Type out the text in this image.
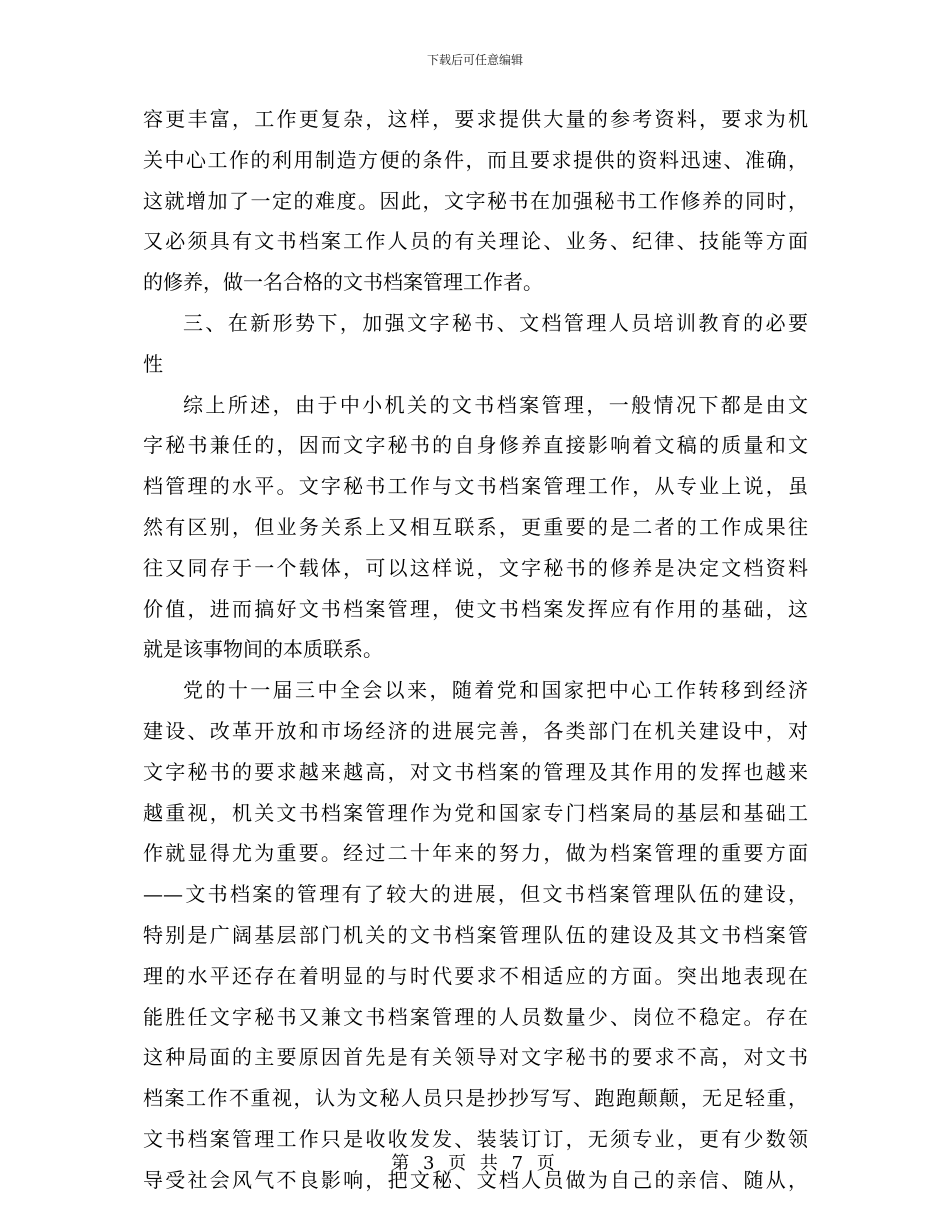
下载后可任意编辑
容更丰富，工作更复杂，这样，要求提供大量的参考资料，要求为机
关中心工作的利用制造方便的条件，而且要求提供的资料迅速、准确，
这就增加了一定的难度。因此，文字秘书在加强秘书工作修养的同时，
又必须具有文书档案工作人员的有关理论、业务、纪律、技能等方面
的修养，做一名合格的文书档案管理工作者。
三、在新形势下，加强文字秘书、文档管理人员培训教育的必要
性
综上所述，由于中小机关的文书档案管理，一般情况下都是由文
字秘书兼任的，因而文字秘书的自身修养直接影响着文稿的质量和文
档管理的水平。文字秘书工作与文书档案管理工作，从专业上说，虽
然有区别，但业务关系上又相互联系，更重要的是二者的工作成果往
往又同存于一个载体，可以这样说，文字秘书的修养是决定文档资料
价值，进而搞好文书档案管理，使文书档案发挥应有作用的基础，这
就是该事物间的本质联系。
党的十一届三中全会以来，随着党和国家把中心工作转移到经济
建设、改革开放和市场经济的进展完善，各类部门在机关建设中，对
文字秘书的要求越来越高，对文书档案的管理及其作用的发挥也越来
越重视，机关文书档案管理作为党和国家专门档案局的基层和基础工
作就显得尤为重要。经过二十年来的努力，做为档案管理的重要方面
——文书档案的管理有了较大的进展，但文书档案管理队伍的建设，
特别是广阔基层部门机关的文书档案管理队伍的建设及其文书档案管
理的水平还存在着明显的与时代要求不相适应的方面。突出地表现在
能胜任文字秘书又兼文书档案管理的人员数量少、岗位不稳定。存在
这种局面的主要原因首先是有关领导对文字秘书的要求不高，对文书
档案工作不重视，认为文秘人员只是抄抄写写、跑跑颠颠，无足轻重，
文书档案管理工作只是收收发发、装装订订，无须专业，更有少数领
导受社会风气不良影响，把文秘、文档人员做为自己的亲信、随从，
第 3 页 共 7 页
